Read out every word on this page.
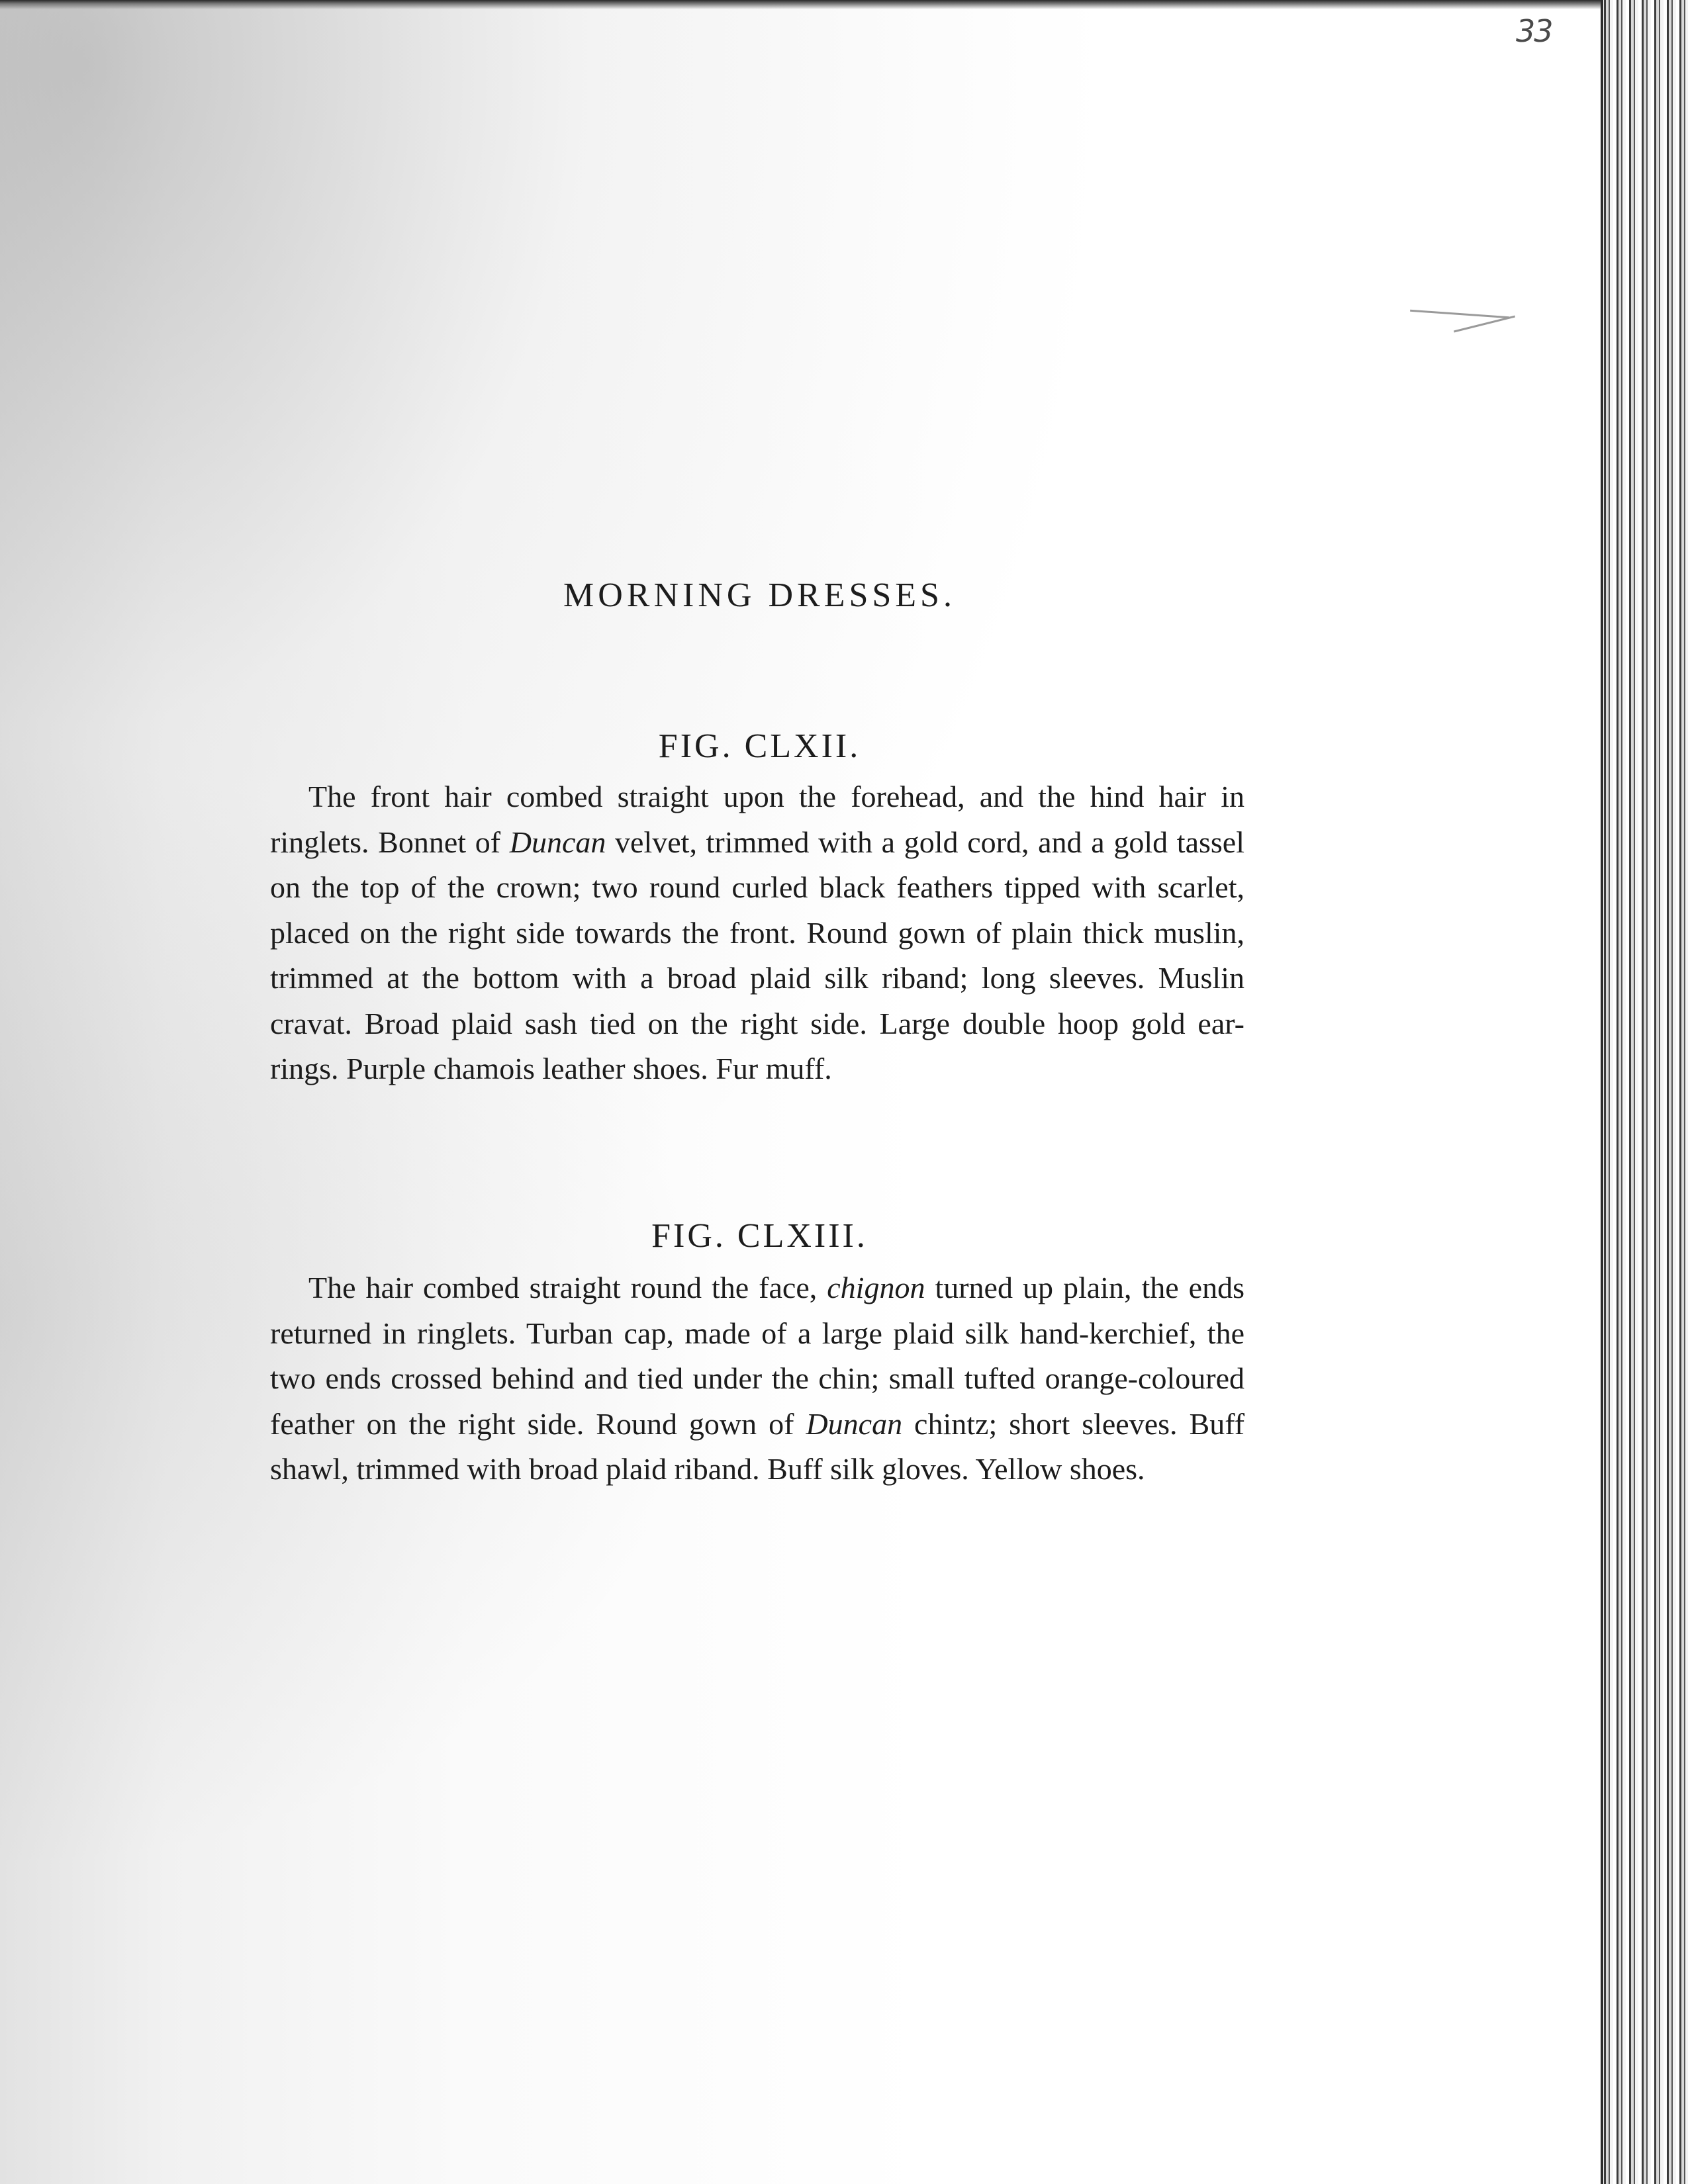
33
MORNING DRESSES.
FIG. CLXII.

The front hair combed straight upon the forehead, and the hind hair in ringlets. Bonnet of Duncan velvet, trimmed with a gold cord, and a gold tassel on the top of the crown; two round curled black feathers tipped with scarlet, placed on the right side towards the front. Round gown of plain thick muslin, trimmed at the bottom with a broad plaid silk riband; long sleeves. Muslin cravat. Broad plaid sash tied on the right side. Large double hoop gold ear-rings. Purple chamois leather shoes. Fur muff.

FIG. CLXIII.

The hair combed straight round the face, chignon turned up plain, the ends returned in ringlets. Turban cap, made of a large plaid silk hand-kerchief, the two ends crossed behind and tied under the chin; small tufted orange-coloured feather on the right side. Round gown of Duncan chintz; short sleeves. Buff shawl, trimmed with broad plaid riband. Buff silk gloves. Yellow shoes.
